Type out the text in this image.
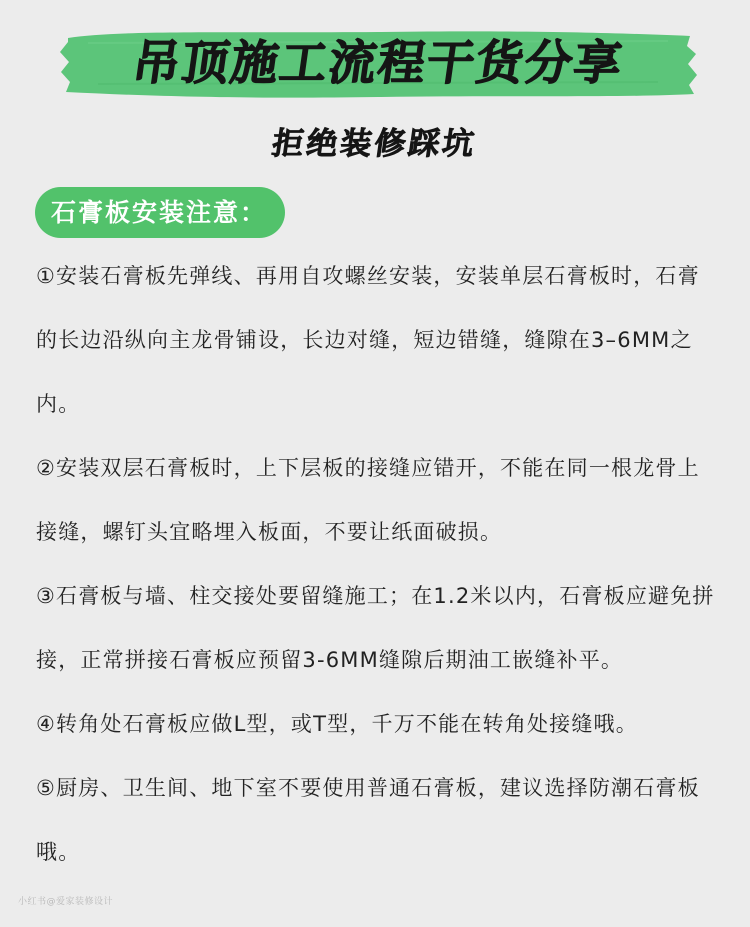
吊顶施工流程干货分享
拒绝装修踩坑
石膏板安装注意：

①安装石膏板先弹线、再用自攻螺丝安装，安装单层石膏板时，石膏的长边沿纵向主龙骨铺设，长边对缝，短边错缝，缝隙在3–6MM之内。

②安装双层石膏板时，上下层板的接缝应错开，不能在同一根龙骨上接缝，螺钉头宜略埋入板面，不要让纸面破损。

③石膏板与墙、柱交接处要留缝施工；在1.2米以内，石膏板应避免拼接，正常拼接石膏板应预留3-6MM缝隙后期油工嵌缝补平。

④转角处石膏板应做L型，或T型，千万不能在转角处接缝哦。

⑤厨房、卫生间、地下室不要使用普通石膏板，建议选择防潮石膏板哦。

小红书@爱家装修设计
